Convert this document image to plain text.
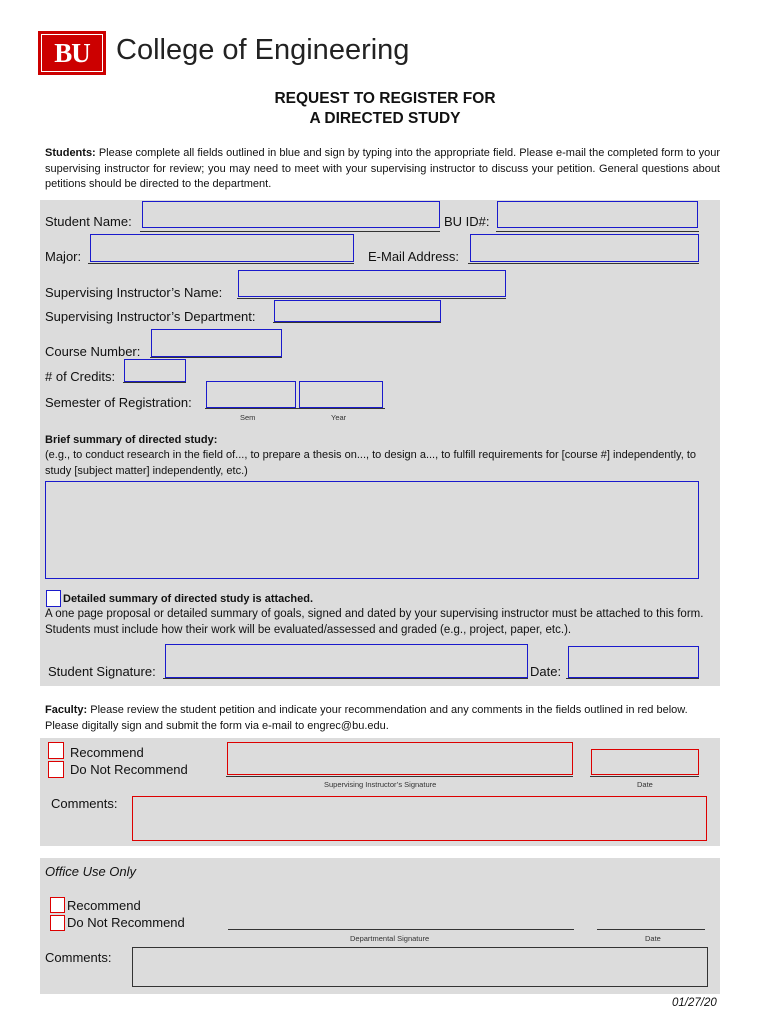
BU College of Engineering
REQUEST TO REGISTER FOR
A DIRECTED STUDY
Students: Please complete all fields outlined in blue and sign by typing into the appropriate field. Please e-mail the completed form to your supervising instructor for review; you may need to meet with your supervising instructor to discuss your petition. General questions about petitions should be directed to the department.
Student Name:	BU ID#:
Major:	E-Mail Address:
Supervising Instructor’s Name:
Supervising Instructor’s Department:
Course Number:
# of Credits:
Semester of Registration:
Sem	Year
Brief summary of directed study:
(e.g., to conduct research in the field of..., to prepare a thesis on..., to design a..., to fulfill requirements for [course #] independently, to study [subject matter] independently, etc.)
Detailed summary of directed study is attached.
A one page proposal or detailed summary of goals, signed and dated by your supervising instructor must be attached to this form. Students must include how their work will be evaluated/assessed and graded (e.g., project, paper, etc.).
Student Signature:	Date:
Faculty: Please review the student petition and indicate your recommendation and any comments in the fields outlined in red below. Please digitally sign and submit the form via e-mail to engrec@bu.edu.
Recommend
Do Not Recommend
Supervising Instructor’s Signature	Date
Comments:
Office Use Only
Recommend
Do Not Recommend
Departmental Signature	Date
Comments:
01/27/20
